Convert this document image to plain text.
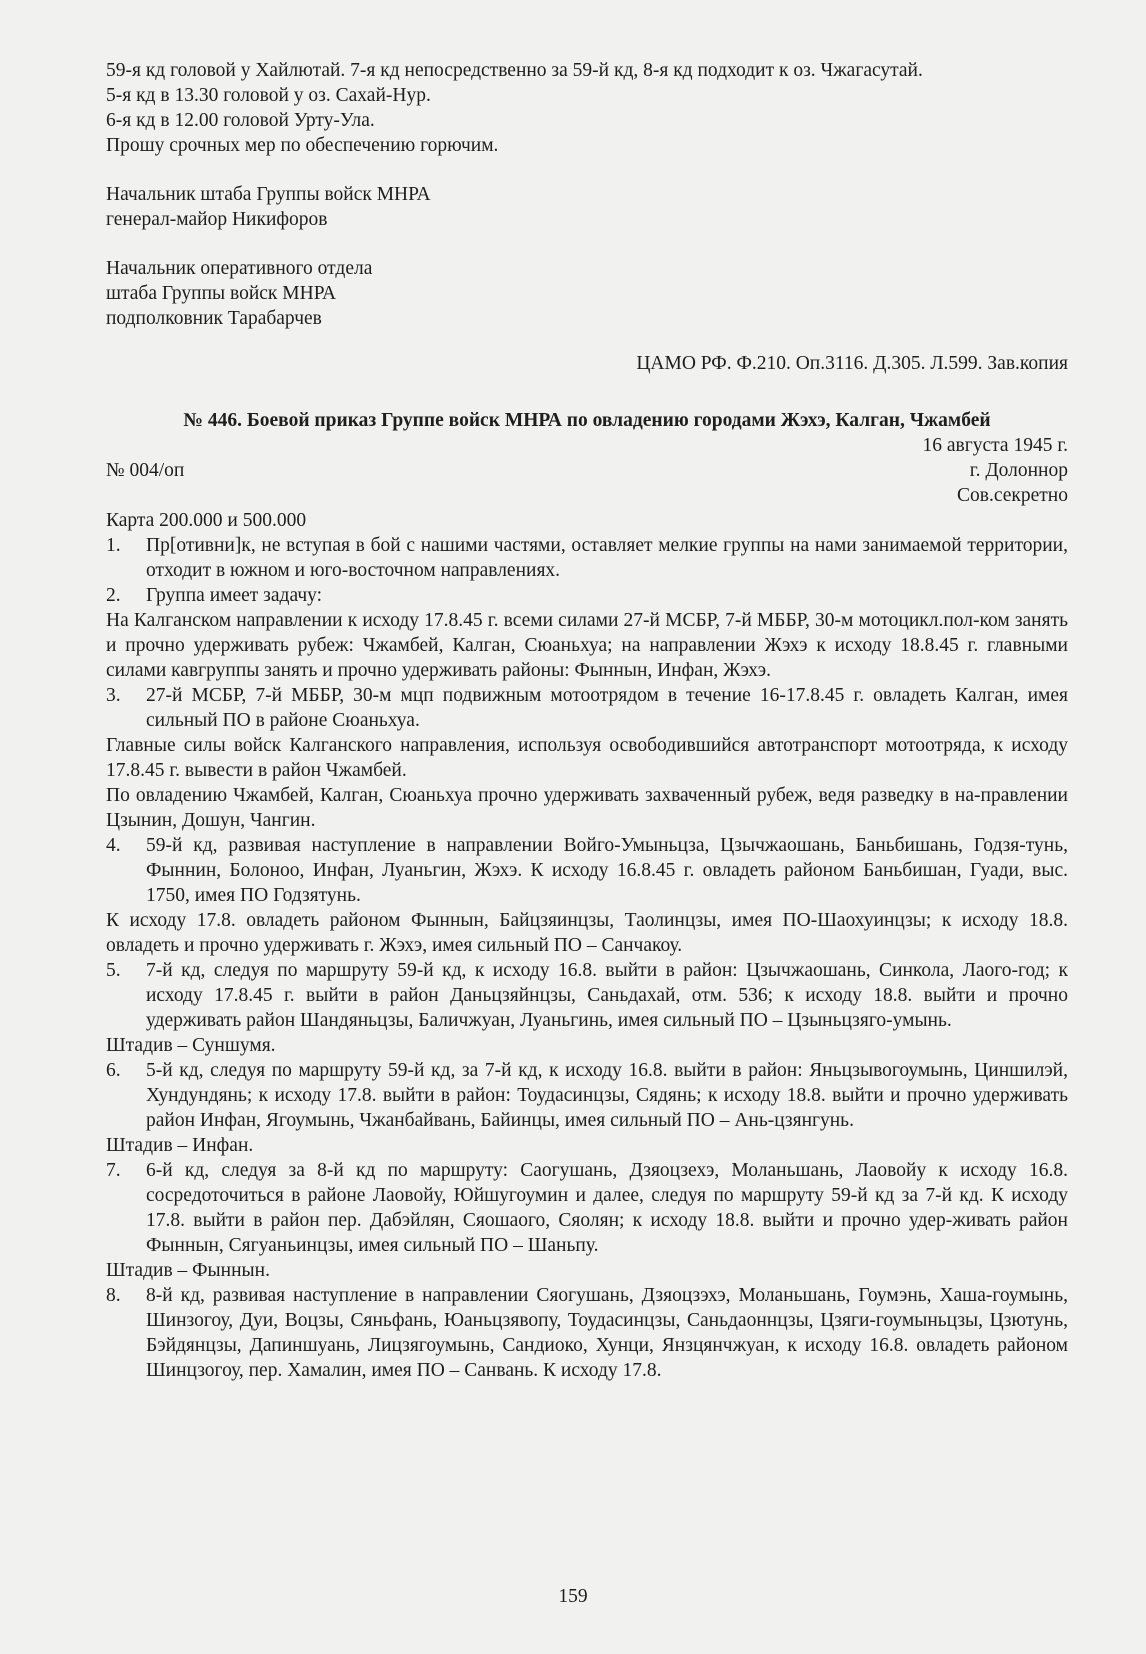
59-я кд головой у Хайлютай. 7-я кд непосредственно за 59-й кд, 8-я кд подходит к оз. Чжагасутай.
5-я кд в 13.30 головой у оз. Сахай-Нур.
6-я кд в 12.00 головой Урту-Ула.
Прошу срочных мер по обеспечению горючим.
Начальник штаба Группы войск МНРА
генерал-майор Никифоров
Начальник оперативного отдела
штаба Группы войск МНРА
подполковник Тарабарчев
ЦАМО РФ. Ф.210. Оп.3116. Д.305. Л.599. Зав.копия
№ 446. Боевой приказ Группе войск МНРА по овладению городами Жэхэ, Калган, Чжамбей
16 августа 1945 г.
№ 004/оп	г. Долоннор
Сов.секретно
Карта 200.000 и 500.000
1.	Пр[отивни]к, не вступая в бой с нашими частями, оставляет мелкие группы на нами занимаемой территории, отходит в южном и юго-восточном направлениях.
2.	Группа имеет задачу:

На Калганском направлении к исходу 17.8.45 г. всеми силами 27-й МСБР, 7-й МББР, 30-м мотоцикл.пол-ком занять и прочно удерживать рубеж: Чжамбей, Калган, Сюаньхуа; на направлении Жэхэ к исходу 18.8.45 г. главными силами кавгруппы занять и прочно удерживать районы: Фыннын, Инфан, Жэхэ.

3.	27-й МСБР, 7-й МББР, 30-м мцп подвижным мотоотрядом в течение 16-17.8.45 г. овладеть Калган, имея сильный ПО в районе Сюаньхуа.

Главные силы войск Калганского направления, используя освободившийся автотранспорт мотоотряда, к исходу 17.8.45 г. вывести в район Чжамбей.

По овладению Чжамбей, Калган, Сюаньхуа прочно удерживать захваченный рубеж, ведя разведку в на-правлении Цзынин, Дошун, Чангин.

4.	59-й кд, развивая наступление в направлении Войго-Умыньцза, Цзычжаошань, Баньбишань, Годзя-тунь, Фыннин, Болоноо, Инфан, Луаньгин, Жэхэ. К исходу 16.8.45 г. овладеть районом Баньбишан, Гуади, выс. 1750, имея ПО Годзятунь.

К исходу 17.8. овладеть районом Фыннын, Байцзяинцзы, Таолинцзы, имея ПО-Шаохуинцзы; к исходу 18.8. овладеть и прочно удерживать г. Жэхэ, имея сильный ПО – Санчакоу.

5.	7-й кд, следуя по маршруту 59-й кд, к исходу 16.8. выйти в район: Цзычжаошань, Синкола, Лаого-год; к исходу 17.8.45 г. выйти в район Даньцзяйнцзы, Саньдахай, отм. 536; к исходу 18.8. выйти и прочно удерживать район Шандяньцзы, Баличжуан, Луаньгинь, имея сильный ПО – Цзыньцзяго-умынь.

Штадив – Суншумя.

6.	5-й кд, следуя по маршруту 59-й кд, за 7-й кд, к исходу 16.8. выйти в район: Яньцзывогоумынь, Циншилэй, Хундундянь; к исходу 17.8. выйти в район: Тоудасинцзы, Сядянь; к исходу 18.8. выйти и прочно удерживать район Инфан, Ягоумынь, Чжанбайвань, Байинцы, имея сильный ПО – Ань-цзянгунь.

Штадив – Инфан.

7.	6-й кд, следуя за 8-й кд по маршруту: Саогушань, Дзяоцзехэ, Моланьшань, Лаовойу к исходу 16.8. сосредоточиться в районе Лаовойу, Юйшугоумин и далее, следуя по маршруту 59-й кд за 7-й кд. К исходу 17.8. выйти в район пер. Дабэйлян, Сяошаого, Сяолян; к исходу 18.8. выйти и прочно удер-живать район Фыннын, Сягуаньинцзы, имея сильный ПО – Шаньпу.

Штадив – Фыннын.

8.	8-й кд, развивая наступление в направлении Сяогушань, Дзяоцзэхэ, Моланьшань, Гоумэнь, Хаша-гоумынь, Шинзогоу, Дуи, Воцзы, Сяньфань, Юаньцзявопу, Тоудасинцзы, Саньдаоннцзы, Цзяги-гоумыньцзы, Цзютунь, Бэйдянцзы, Дапиншуань, Лицзягоумынь, Сандиоко, Хунци, Янзцянчжуан, к исходу 16.8. овладеть районом Шинцзогоу, пер. Хамалин, имея ПО – Санвань. К исходу 17.8.
159
